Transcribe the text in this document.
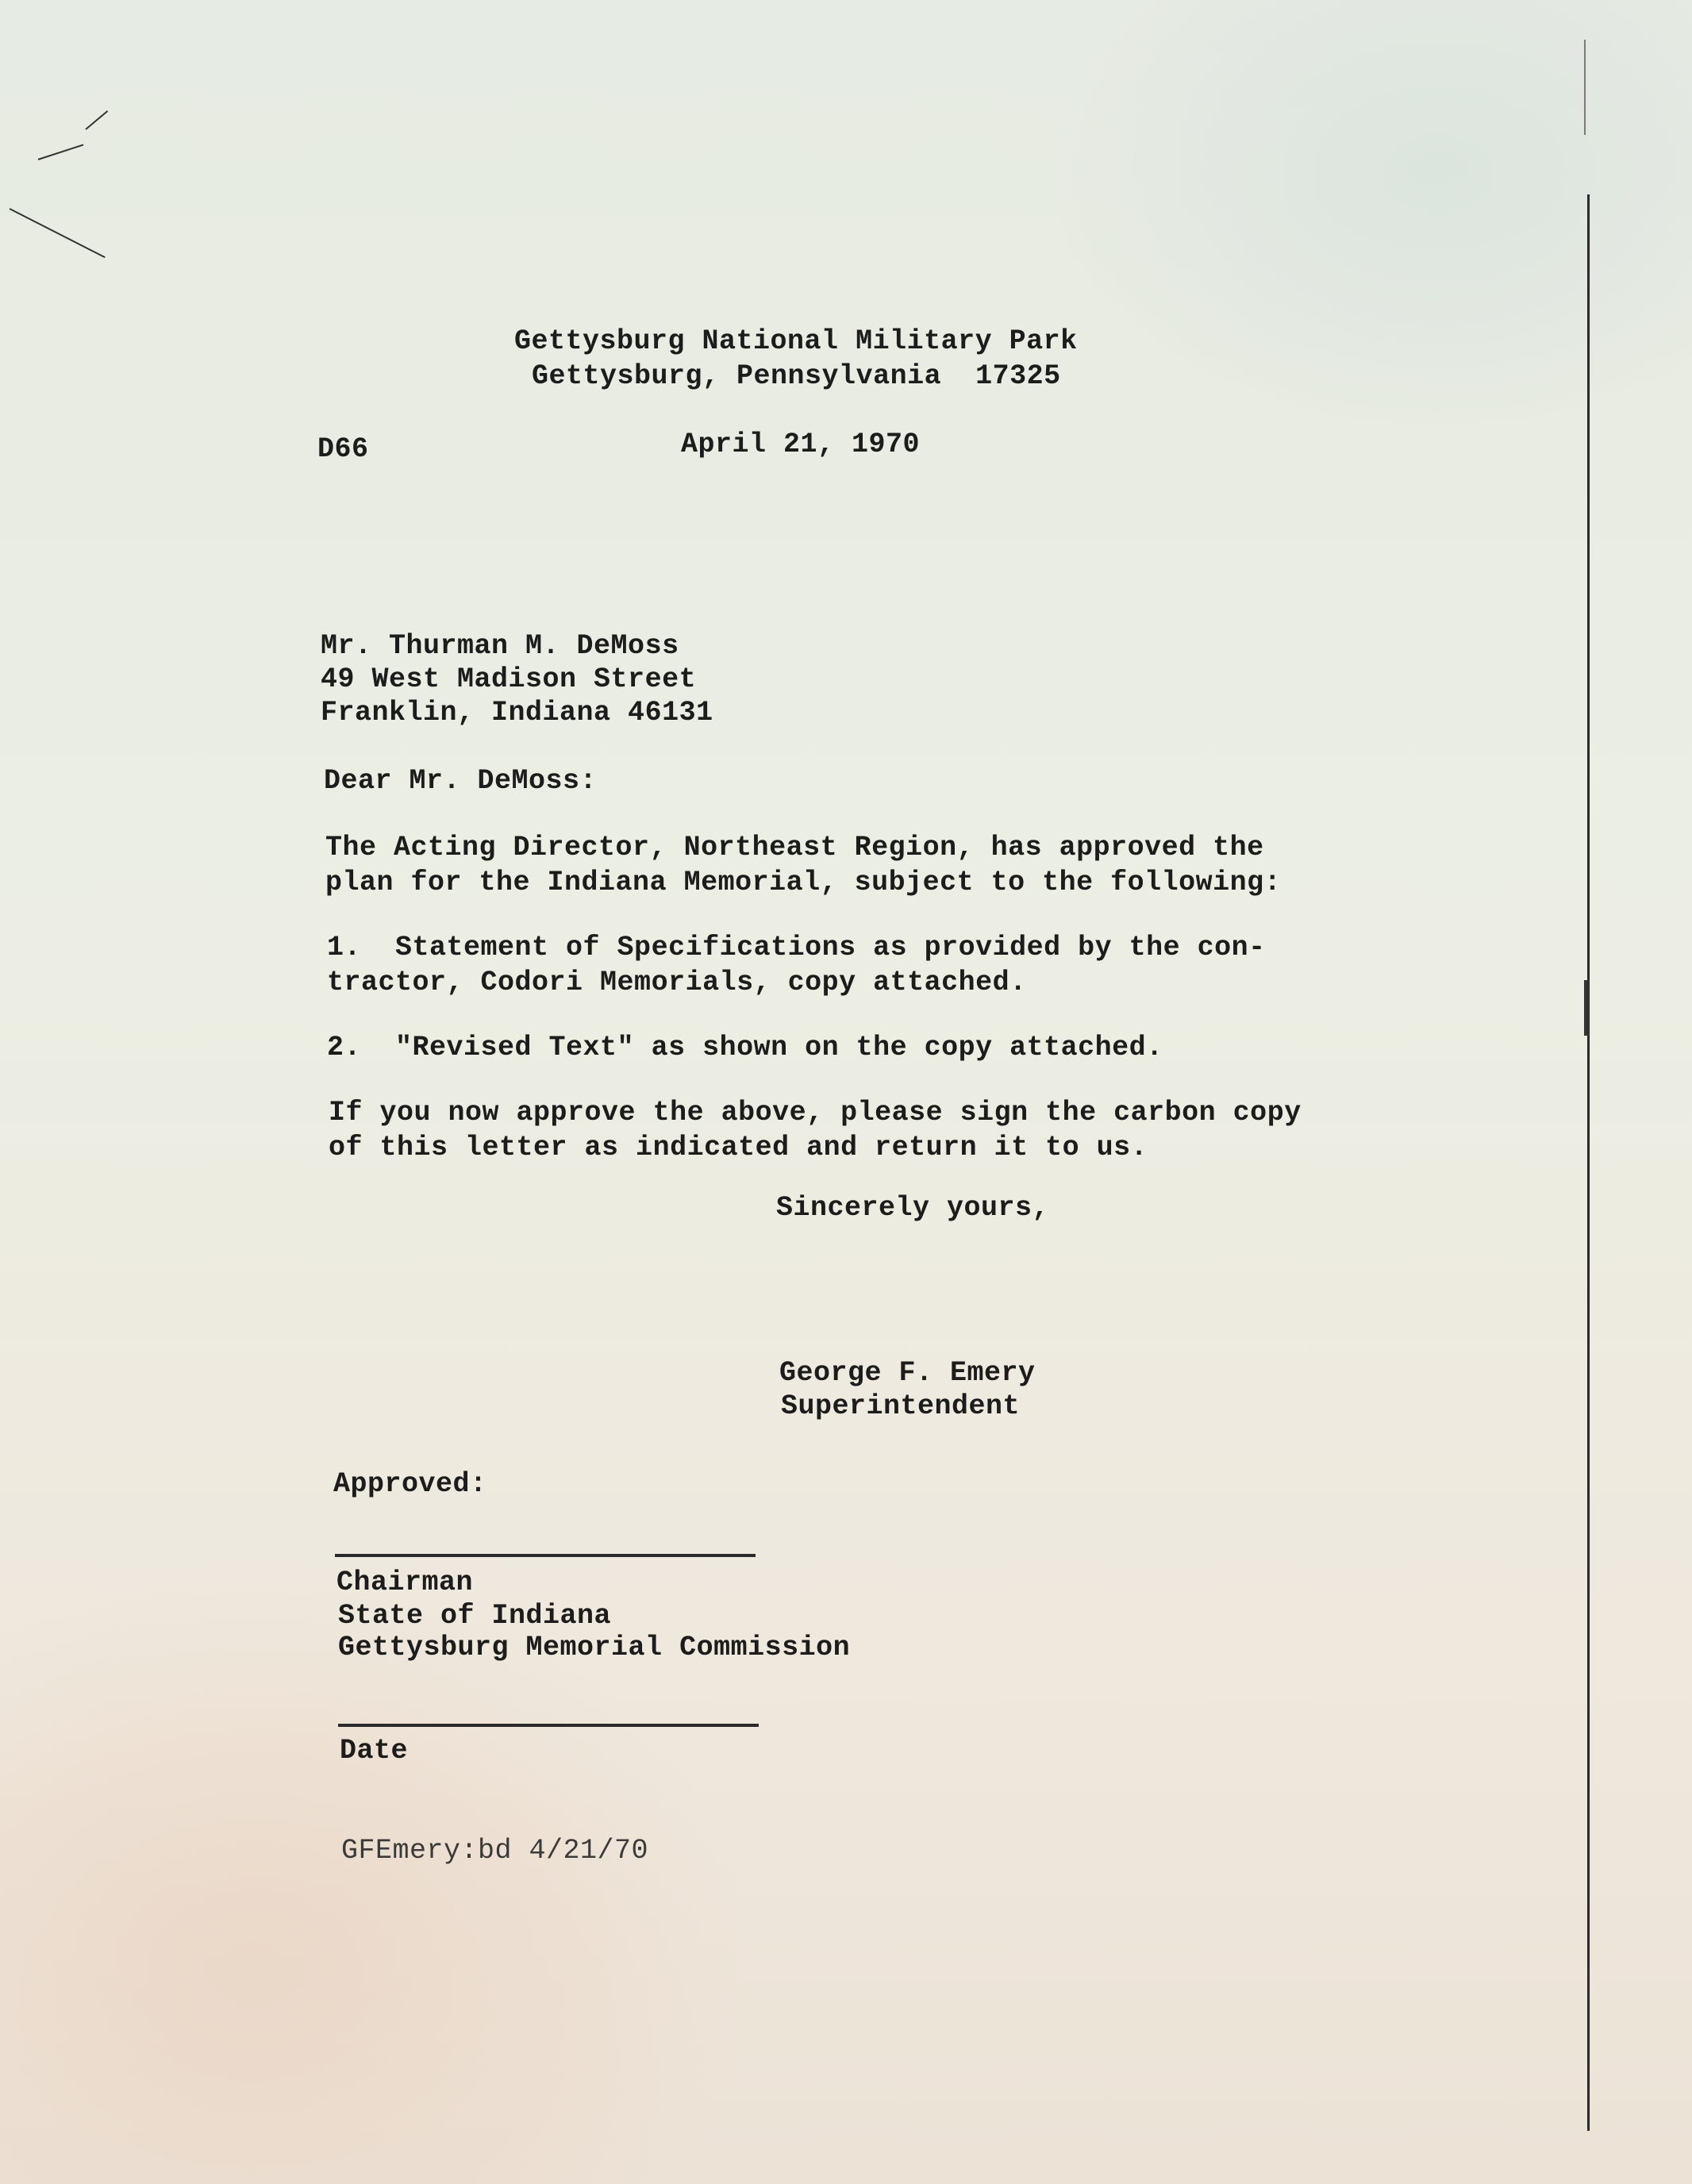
Gettysburg National Military Park
Gettysburg, Pennsylvania  17325
D66	April 21, 1970
Mr. Thurman M. DeMoss
49 West Madison Street
Franklin, Indiana 46131
Dear Mr. DeMoss:
The Acting Director, Northeast Region, has approved the
plan for the Indiana Memorial, subject to the following:
1.  Statement of Specifications as provided by the con-
tractor, Codori Memorials, copy attached.
2.  "Revised Text" as shown on the copy attached.
If you now approve the above, please sign the carbon copy
of this letter as indicated and return it to us.
Sincerely yours,
George F. Emery
Superintendent
Approved:
Chairman
State of Indiana
Gettysburg Memorial Commission
Date
GFEmery:bd 4/21/70
